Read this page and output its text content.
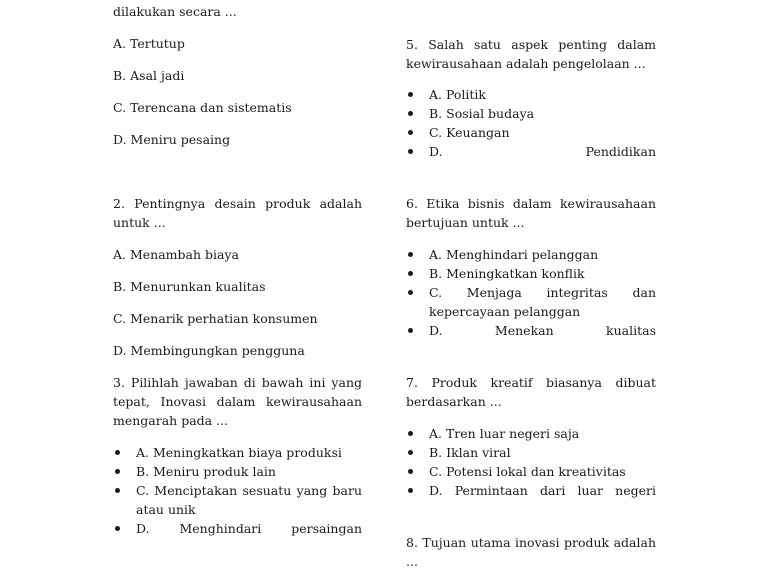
dilakukan secara ...

A. Tertutup

B. Asal jadi

C. Terencana dan sistematis

D. Meniru pesaing

2. Pentingnya desain produk adalah untuk ...

A. Menambah biaya

B. Menurunkan kualitas

C. Menarik perhatian konsumen

D. Membingungkan pengguna

3. Pilihlah jawaban di bawah ini yang tepat, Inovasi dalam kewirausahaan mengarah pada ...

A. Meningkatkan biaya produksi
B. Meniru produk lain
C. Menciptakan sesuatu yang baru atau unik
D. Menghindari persaingan

5. Salah satu aspek penting dalam kewirausahaan adalah pengelolaan ...

A. Politik
B. Sosial budaya
C. Keuangan
D. Pendidikan

6. Etika bisnis dalam kewirausahaan bertujuan untuk ...

A. Menghindari pelanggan
B. Meningkatkan konflik
C. Menjaga integritas dan kepercayaan pelanggan
D. Menekan kualitas

7. Produk kreatif biasanya dibuat berdasarkan ...

A. Tren luar negeri saja
B. Iklan viral
C. Potensi lokal dan kreativitas
D. Permintaan dari luar negeri

8. Tujuan utama inovasi produk adalah ...
